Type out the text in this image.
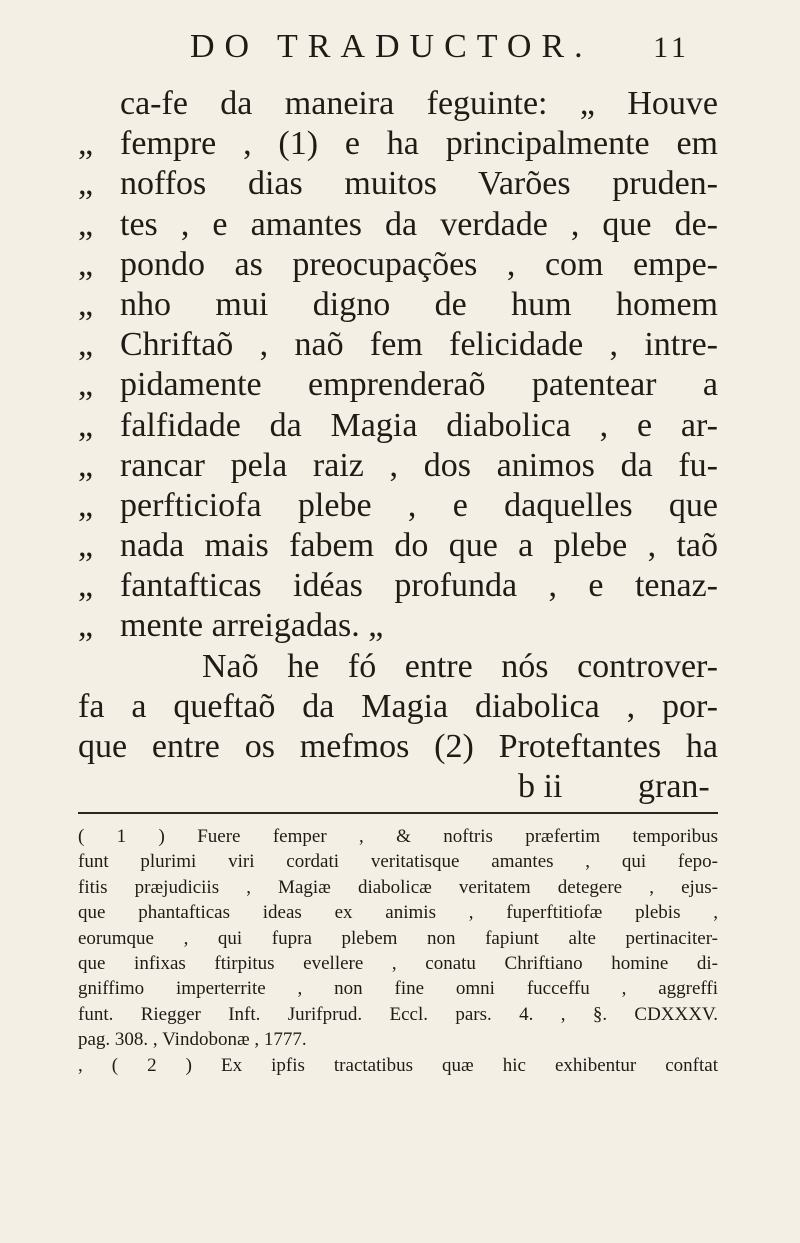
DO TRADUCTOR.	11
ca-fe da maneira feguinte: „ Houve
„ fempre , (1) e ha principalmente em
„ noffos dias muitos Varões pruden-
„ tes , e amantes da verdade , que de-
„ pondo as preocupações , com empe-
„ nho mui digno de hum homem
„ Chriftaõ , naõ fem felicidade , intre-
„ pidamente emprenderaõ patentear a
„ falfidade da Magia diabolica , e ar-
„ rancar pela raiz , dos animos da fu-
„ perfticiofa plebe , e daquelles que
„ nada mais fabem do que a plebe , taõ
„ fantafticas idéas profunda , e tenaz-
„ mente arreigadas. „
Naõ he fó entre nós controver-
fa a queftaõ da Magia diabolica , por-
que entre os mefmos (2) Proteftantes ha
b ii	gran-
( 1 ) Fuere femper , & noftris præfertim temporibus
funt plurimi viri cordati veritatisque amantes , qui fepo-
fitis præjudiciis , Magiæ diabolicæ veritatem detegere , ejus-
que phantafticas ideas ex animis , fuperftitiofæ plebis ,
eorumque , qui fupra plebem non fapiunt alte pertinaciter-
que infixas ftirpitus evellere , conatu Chriftiano homine di-
gniffimo imperterrite , non fine omni fucceffu , aggreffi
funt. Riegger Inft. Jurifprud. Eccl. pars. 4. , §. CDXXXV.
pag. 308. , Vindobonæ , 1777.
, ( 2 ) Ex ipfis tractatibus quæ hic exhibentur conftat
